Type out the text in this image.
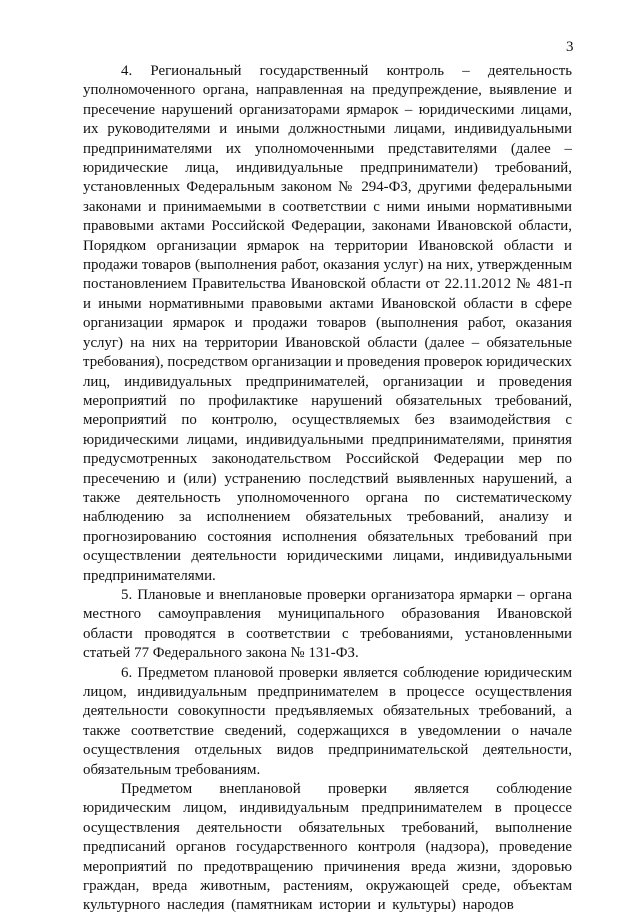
3

4. Региональный государственный контроль – деятельность уполномоченного органа, направленная на предупреждение, выявление и пресечение нарушений организаторами ярмарок – юридическими лицами, их руководителями и иными должностными лицами, индивидуальными предпринимателями их уполномоченными представителями (далее – юридические лица, индивидуальные предприниматели) требований, установленных Федеральным законом № 294-ФЗ, другими федеральными законами и принимаемыми в соответствии с ними иными нормативными правовыми актами Российской Федерации, законами Ивановской области, Порядком организации ярмарок на территории Ивановской области и продажи товаров (выполнения работ, оказания услуг) на них, утвержденным постановлением Правительства Ивановской области от 22.11.2012 № 481-п и иными нормативными правовыми актами Ивановской области в сфере организации ярмарок и продажи товаров (выполнения работ, оказания услуг) на них на территории Ивановской области (далее – обязательные требования), посредством организации и проведения проверок юридических лиц, индивидуальных предпринимателей, организации и проведения мероприятий по профилактике нарушений обязательных требований, мероприятий по контролю, осуществляемых без взаимодействия с юридическими лицами, индивидуальными предпринимателями, принятия предусмотренных законодательством Российской Федерации мер по пресечению и (или) устранению последствий выявленных нарушений, а также деятельность уполномоченного органа по систематическому наблюдению за исполнением обязательных требований, анализу и прогнозированию состояния исполнения обязательных требований при осуществлении деятельности юридическими лицами, индивидуальными предпринимателями.

5. Плановые и внеплановые проверки организатора ярмарки – органа местного самоуправления муниципального образования Ивановской области проводятся в соответствии с требованиями, установленными статьей 77 Федерального закона № 131-ФЗ.

6. Предметом плановой проверки является соблюдение юридическим лицом, индивидуальным предпринимателем в процессе осуществления деятельности совокупности предъявляемых обязательных требований, а также соответствие сведений, содержащихся в уведомлении о начале осуществления отдельных видов предпринимательской деятельности, обязательным требованиям.

Предметом внеплановой проверки является соблюдение юридическим лицом, индивидуальным предпринимателем в процессе осуществления деятельности обязательных требований, выполнение предписаний органов государственного контроля (надзора), проведение мероприятий по предотвращению причинения вреда жизни, здоровью граждан, вреда животным, растениям, окружающей среде, объектам культурного наследия (памятникам истории и культуры) народов
